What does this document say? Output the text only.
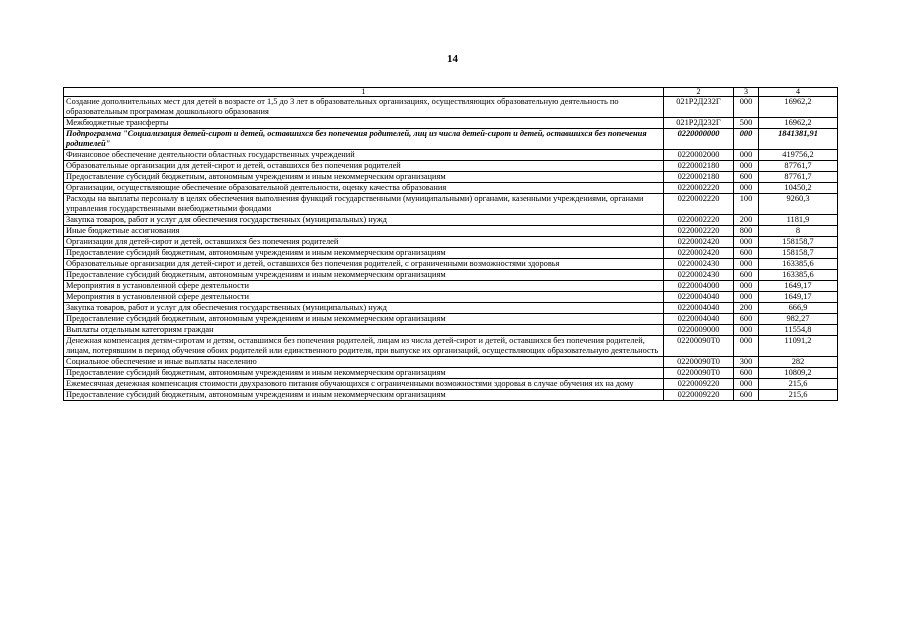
14
1	2	3	4
Создание дополнительных мест для детей в возрасте от 1,5 до 3 лет в образовательных организациях, осуществляющих образовательную деятельность по образовательным программам дошкольного образования	021Р2Д232Г	000	16962,2
Межбюджетные трансферты	021Р2Д232Г	500	16962,2
Подпрограмма "Социализация детей-сирот и детей, оставшихся без попечения родителей, лиц из числа детей-сирот и детей, оставшихся без попечения родителей"	0220000000	000	1841381,91
Финансовое обеспечение деятельности областных государственных учреждений	0220002000	000	419756,2
Образовательные организации для детей-сирот и детей, оставшихся без попечения родителей	0220002180	000	87761,7
Предоставление субсидий бюджетным, автономным учреждениям и иным некоммерческим организациям	0220002180	600	87761,7
Организации, осуществляющие обеспечение образовательной деятельности, оценку качества образования	0220002220	000	10450,2
Расходы на выплаты персоналу в целях обеспечения выполнения функций государственными (муниципальными) органами, казенными учреждениями, органами управления государственными внебюджетными фондами	0220002220	100	9260,3
Закупка товаров, работ и услуг для обеспечения государственных (муниципальных) нужд	0220002220	200	1181,9
Иные бюджетные ассигнования	0220002220	800	8
Организации для детей-сирот и детей, оставшихся без попечения родителей	0220002420	000	158158,7
Предоставление субсидий бюджетным, автономным учреждениям и иным некоммерческим организациям	0220002420	600	158158,7
Образовательные организации для детей-сирот и детей, оставшихся без попечения родителей, с ограниченными возможностями здоровья	0220002430	000	163385,6
Предоставление субсидий бюджетным, автономным учреждениям и иным некоммерческим организациям	0220002430	600	163385,6
Мероприятия в установленной сфере деятельности	0220004000	000	1649,17
Мероприятия в установленной сфере деятельности	0220004040	000	1649,17
Закупка товаров, работ и услуг для обеспечения государственных (муниципальных) нужд	0220004040	200	666,9
Предоставление субсидий бюджетным, автономным учреждениям и иным некоммерческим организациям	0220004040	600	982,27
Выплаты отдельным категориям граждан	0220009000	000	11554,8
Денежная компенсация детям-сиротам и детям, оставшимся без попечения родителей, лицам из числа детей-сирот и детей, оставшихся без попечения родителей, лицам, потерявшим в период обучения обоих родителей или единственного родителя, при выпуске их организаций, осуществляющих образовательную деятельность	02200090Т0	000	11091,2
Социальное обеспечение и иные выплаты населению	02200090Т0	300	282
Предоставление субсидий бюджетным, автономным учреждениям и иным некоммерческим организациям	02200090Т0	600	10809,2
Ежемесячная денежная компенсация стоимости двухразового питания обучающихся с ограниченными возможностями здоровья в случае обучения их на дому	0220009220	000	215,6
Предоставление субсидий бюджетным, автономным учреждениям и иным некоммерческим организациям	0220009220	600	215,6
